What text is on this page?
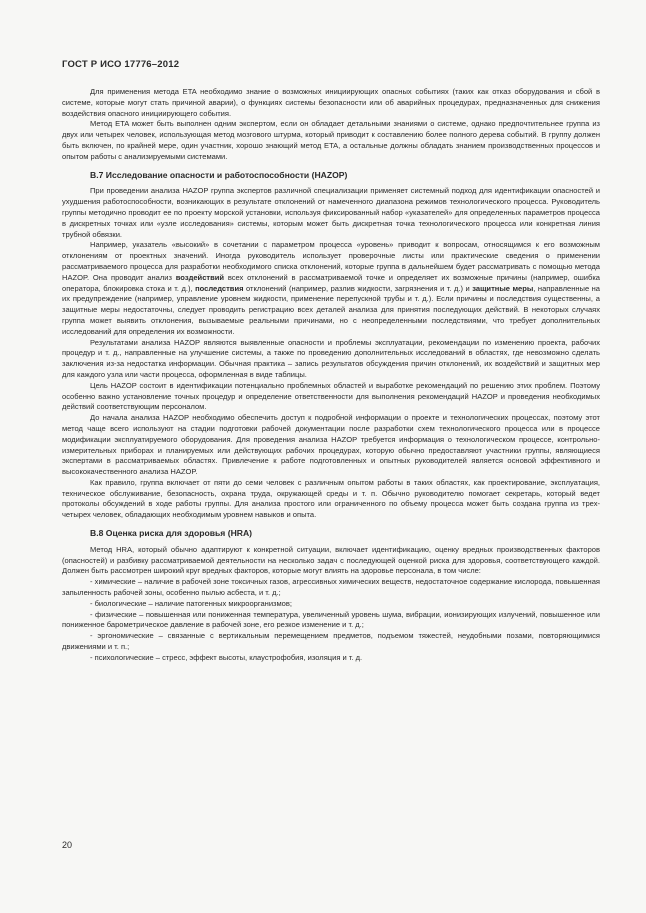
ГОСТ Р ИСО 17776–2012

Для применения метода ETA необходимо знание о возможных инициирующих опасных событиях (таких как отказ оборудования и сбой в системе, которые могут стать причиной аварии), о функциях системы безопасности или об аварийных процедурах, предназначенных для снижения воздействия опасного инициирующего события.

Метод ETA может быть выполнен одним экспертом, если он обладает детальными знаниями о системе, однако предпочтительнее группа из двух или четырех человек, использующая метод мозгового штурма, который приводит к составлению более полного дерева событий. В группу должен быть включен, по крайней мере, один участник, хорошо знающий метод ETA, а остальные должны обладать знанием производственных процессов и опытом работы с анализируемыми системами.

В.7 Исследование опасности и работоспособности (HAZOP)

При проведении анализа HAZOP группа экспертов различной специализации применяет системный подход для идентификации опасностей и ухудшения работоспособности, возникающих в результате отклонений от намеченного диапазона режимов технологического процесса. Руководитель группы методично проводит ее по проекту морской установки, используя фиксированный набор «указателей» для определенных параметров процесса в дискретных точках или «узле исследования» системы, которым может быть дискретная точка технологического процесса или конкретная линия трубной обвязки.

Например, указатель «высокий» в сочетании с параметром процесса «уровень» приводит к вопросам, относящимся к его возможным отклонениям от проектных значений. Иногда руководитель использует проверочные листы или практические сведения о применении рассматриваемого процесса для разработки необходимого списка отклонений, которые группа в дальнейшем будет рассматривать с помощью метода HAZOP. Она проводит анализ воздействий всех отклонений в рассматриваемой точке и определяет их возможные причины (например, ошибка оператора, блокировка стока и т. д.), последствия отклонений (например, разлив жидкости, загрязнения и т. д.) и защитные меры, направленные на их предупреждение (например, управление уровнем жидкости, применение перепускной трубы и т. д.). Если причины и последствия существенны, а защитные меры недостаточны, следует проводить регистрацию всех деталей анализа для принятия последующих действий. В некоторых случаях группа может выявить отклонения, вызываемые реальными причинами, но с неопределенными последствиями, что требует дополнительных исследований для определения их возможности.

Результатами анализа HAZOP являются выявленные опасности и проблемы эксплуатации, рекомендации по изменению проекта, рабочих процедур и т. д., направленные на улучшение системы, а также по проведению дополнительных исследований в областях, где невозможно сделать заключения из-за недостатка информации. Обычная практика – запись результатов обсуждения причин отклонений, их воздействий и защитных мер для каждого узла или части процесса, оформленная в виде таблицы.

Цель HAZOP состоит в идентификации потенциально проблемных областей и выработке рекомендаций по решению этих проблем. Поэтому особенно важно установление точных процедур и определение ответственности для выполнения рекомендаций HAZOP и проведения необходимых действий соответствующим персоналом.

До начала анализа HAZOP необходимо обеспечить доступ к подробной информации о проекте и технологических процессах, поэтому этот метод чаще всего используют на стадии подготовки рабочей документации после разработки схем технологического процесса или в процессе модификации эксплуатируемого оборудования. Для проведения анализа HAZOP требуется информация о технологическом процессе, контрольно-измерительных приборах и планируемых или действующих рабочих процедурах, которую обычно предоставляют участники группы, являющиеся экспертами в рассматриваемых областях. Привлечение к работе подготовленных и опытных руководителей является основой эффективного и высококачественного анализа HAZOP.

Как правило, группа включает от пяти до семи человек с различным опытом работы в таких областях, как проектирование, эксплуатация, техническое обслуживание, безопасность, охрана труда, окружающей среды и т. п. Обычно руководителю помогает секретарь, который ведет протоколы обсуждений в ходе работы группы. Для анализа простого или ограниченного по объему процесса может быть создана группа из трех-четырех человек, обладающих необходимым уровнем навыков и опыта.

В.8 Оценка риска для здоровья (HRA)

Метод HRA, который обычно адаптируют к конкретной ситуации, включает идентификацию, оценку вредных производственных факторов (опасностей) и разбивку рассматриваемой деятельности на несколько задач с последующей оценкой риска для здоровья, соответствующего каждой. Должен быть рассмотрен широкий круг вредных факторов, которые могут влиять на здоровье персонала, в том числе:

- химические – наличие в рабочей зоне токсичных газов, агрессивных химических веществ, недостаточное содержание кислорода, повышенная запыленность рабочей зоны, особенно пылью асбеста, и т. д.;

- биологические – наличие патогенных микроорганизмов;

- физические – повышенная или пониженная температура, увеличенный уровень шума, вибрации, ионизирующих излучений, повышенное или пониженное барометрическое давление в рабочей зоне, его резкое изменение и т. д.;

- эргономические – связанные с вертикальным перемещением предметов, подъемом тяжестей, неудобными позами, повторяющимися движениями и т. п.;

- психологические – стресс, эффект высоты, клаустрофобия, изоляция и т. д.

20
